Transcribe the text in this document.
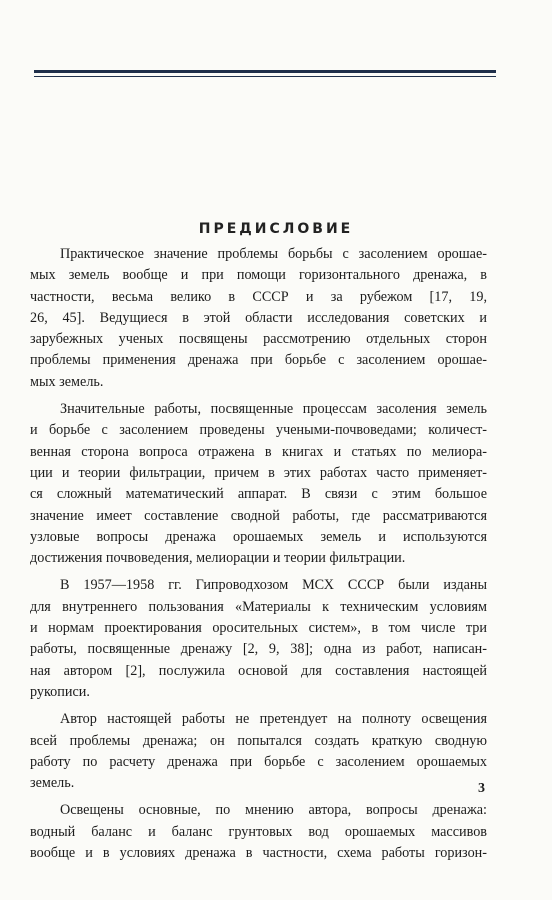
ПРЕДИСЛОВИЕ
Практическое значение проблемы борьбы с засолением орошае-
мых земель вообще и при помощи горизонтального дренажа, в
частности, весьма велико в СССР и за рубежом [17, 19,
26, 45]. Ведущиеся в этой области исследования советских и
зарубежных ученых посвящены рассмотрению отдельных сторон
проблемы применения дренажа при борьбе с засолением орошае-
мых земель.
Значительные работы, посвященные процессам засоления земель
и борьбе с засолением проведены учеными-почвоведами; количест-
венная сторона вопроса отражена в книгах и статьях по мелиора-
ции и теории фильтрации, причем в этих работах часто применяет-
ся сложный математический аппарат. В связи с этим большое
значение имеет составление сводной работы, где рассматриваются
узловые вопросы дренажа орошаемых земель и используются
достижения почвоведения, мелиорации и теории фильтрации.
В 1957—1958 гг. Гипроводхозом МСХ СССР были изданы
для внутреннего пользования «Материалы к техническим условиям
и нормам проектирования оросительных систем», в том числе три
работы, посвященные дренажу [2, 9, 38]; одна из работ, написан-
ная автором [2], послужила основой для составления настоящей
рукописи.
Автор настоящей работы не претендует на полноту освещения
всей проблемы дренажа; он попытался создать краткую сводную
работу по расчету дренажа при борьбе с засолением орошаемых
земель.
Освещены основные, по мнению автора, вопросы дренажа:
водный баланс и баланс грунтовых вод орошаемых массивов
вообще и в условиях дренажа в частности, схема работы горизон-
3
